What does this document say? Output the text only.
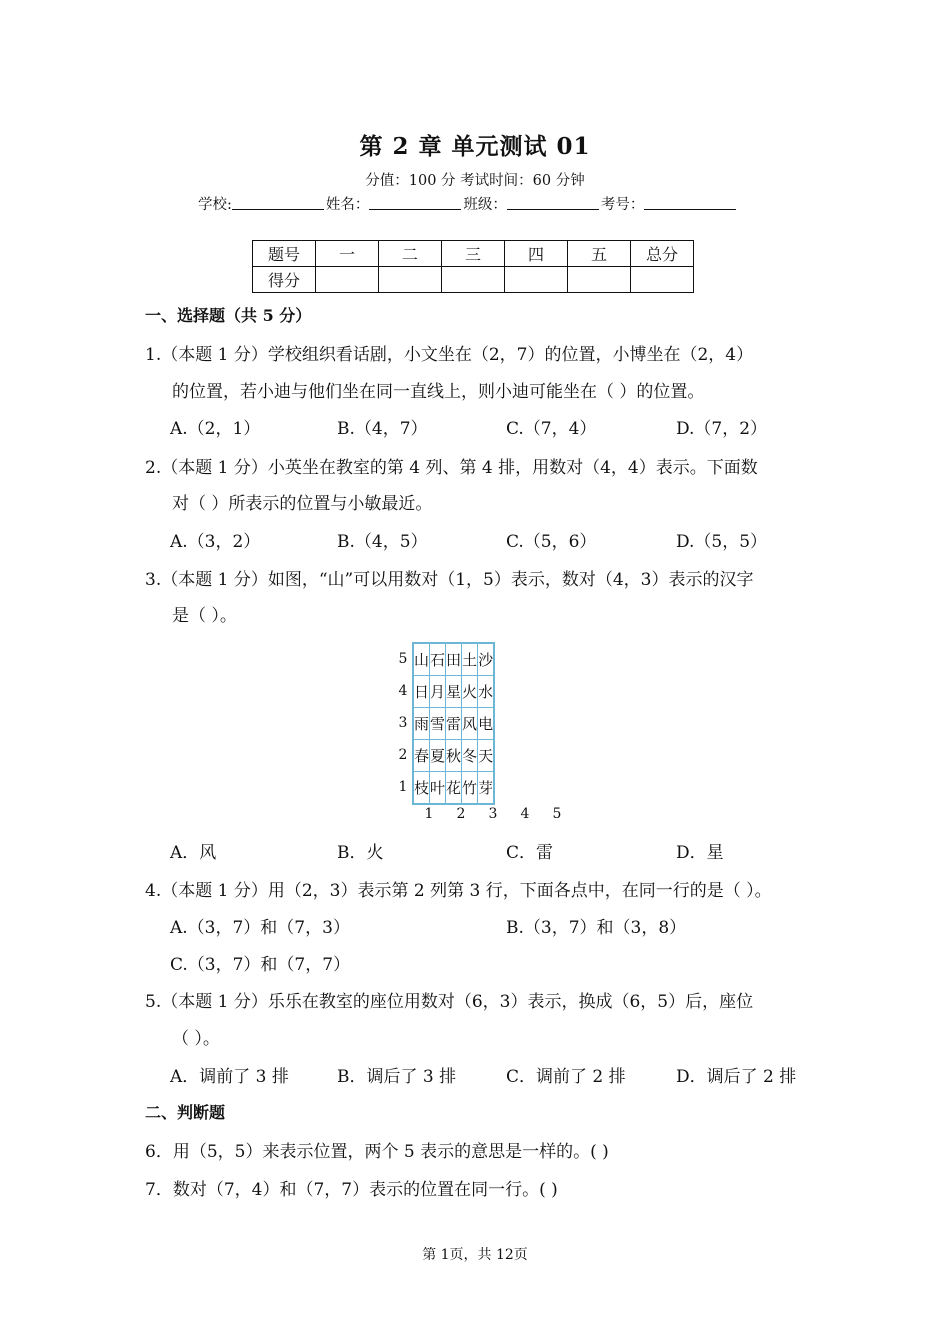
第 2 章 单元测试 01
分值：100 分 考试时间：60 分钟
学校:	姓名：	班级：	考号：
题号	一	二	三	四	五	总分
得分						
一、选择题（共 5 分）
1.（本题 1 分）学校组织看话剧，小文坐在（2，7）的位置，小博坐在（2，4）
的位置，若小迪与他们坐在同一直线上，则小迪可能坐在（ ）的位置。
A.（2，1）	B.（4，7）	C.（7，4）	D.（7，2）
2.（本题 1 分）小英坐在教室的第 4 列、第 4 排，用数对（4，4）表示。下面数
对（ ）所表示的位置与小敏最近。
A.（3，2）	B.（4，5）	C.（5，6）	D.（5，5）
3.（本题 1 分）如图，“山”可以用数对（1，5）表示，数对（4，3）表示的汉字
是（ ）。
5
4
3
2
1
山	石	田	土	沙
日	月	星	火	水
雨	雪	雷	风	电
春	夏	秋	冬	天
枝	叶	花	竹	芽
1	2	3	4	5
A．风	B．火	C．雷	D．星
4.（本题 1 分）用（2，3）表示第 2 列第 3 行，下面各点中，在同一行的是（ ）。
A.（3，7）和（7，3）	B.（3，7）和（3，8）
C.（3，7）和（7，7）
5.（本题 1 分）乐乐在教室的座位用数对（6，3）表示，换成（6，5）后，座位
（ ）。
A．调前了 3 排	B．调后了 3 排	C．调前了 2 排	D．调后了 2 排
二、判断题
6．用（5，5）来表示位置，两个 5 表示的意思是一样的。( )
7．数对（7，4）和（7，7）表示的位置在同一行。( )
第 1页，共 12页
